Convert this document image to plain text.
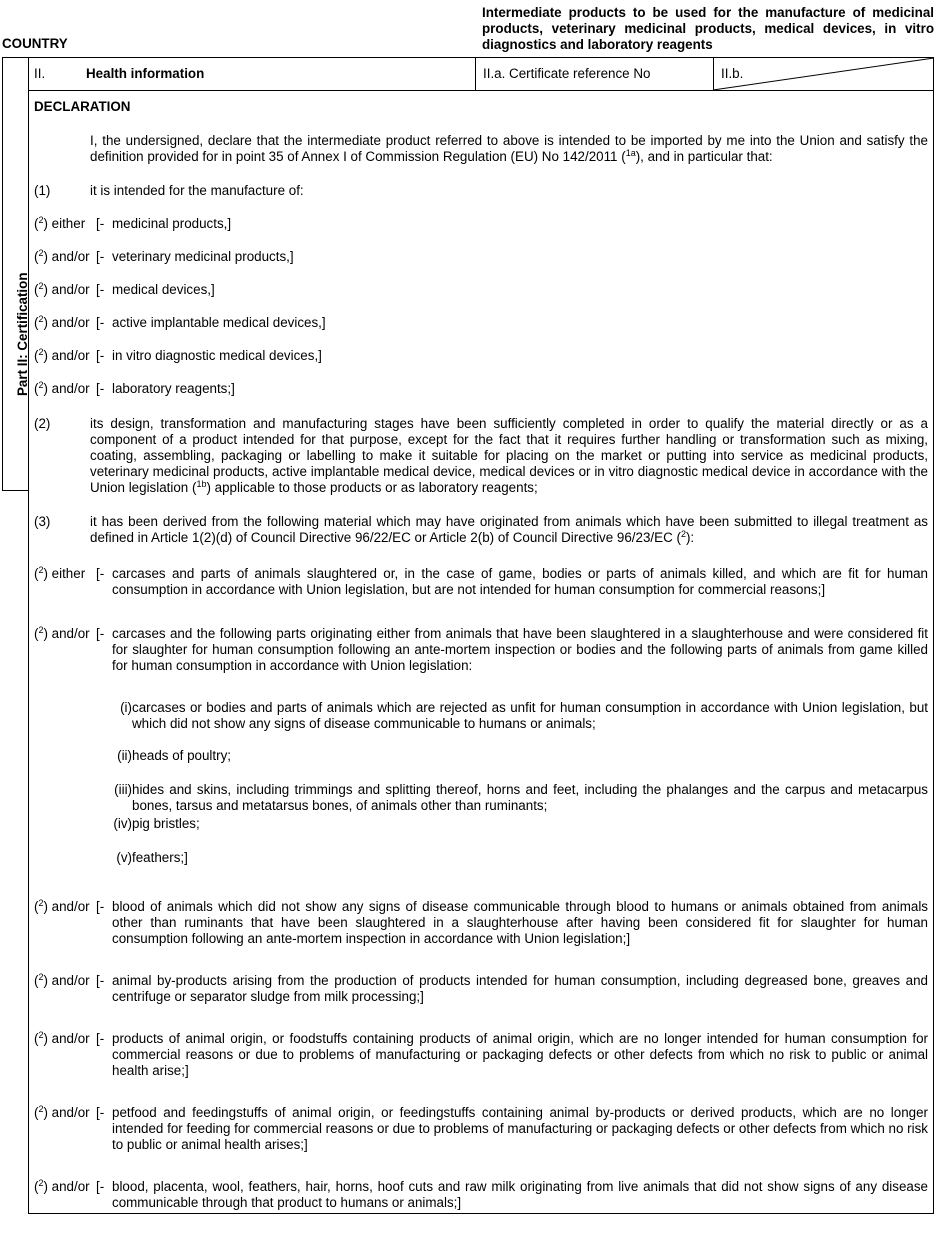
COUNTRY
Intermediate products to be used for the manufacture of medicinal products, veterinary medicinal products, medical devices, in vitro diagnostics and laboratory reagents
Part II: Certification
II.	Health information	II.a. Certificate reference No	II.b.
DECLARATION
I, the undersigned, declare that the intermediate product referred to above is intended to be imported by me into the Union and satisfy the definition provided for in point 35 of Annex I of Commission Regulation (EU) No 142/2011 ($^{1a}$), and in particular that:
(1)	it is intended for the manufacture of:
($^2$) either [- medicinal products,]
($^2$) and/or [- veterinary medicinal products,]
($^2$) and/or [- medical devices,]
($^2$) and/or [- active implantable medical devices,]
($^2$) and/or [- in vitro diagnostic medical devices,]
($^2$) and/or [- laboratory reagents;]
(2)	its design, transformation and manufacturing stages have been sufficiently completed in order to qualify the material directly or as a component of a product intended for that purpose, except for the fact that it requires further handling or transformation such as mixing, coating, assembling, packaging or labelling to make it suitable for placing on the market or putting into service as medicinal products, veterinary medicinal products, active implantable medical device, medical devices or in vitro diagnostic medical device in accordance with the Union legislation ($^{1b}$) applicable to those products or as laboratory reagents;
(3)	it has been derived from the following material which may have originated from animals which have been submitted to illegal treatment as defined in Article 1(2)(d) of Council Directive 96/22/EC or Article 2(b) of Council Directive 96/23/EC ($^2$):
($^2$) either [- carcases and parts of animals slaughtered or, in the case of game, bodies or parts of animals killed, and which are fit for human consumption in accordance with Union legislation, but are not intended for human consumption for commercial reasons;]
($^2$) and/or [- carcases and the following parts originating either from animals that have been slaughtered in a slaughterhouse and were considered fit for slaughter for human consumption following an ante-mortem inspection or bodies and the following parts of animals from game killed for human consumption in accordance with Union legislation:
(i) carcases or bodies and parts of animals which are rejected as unfit for human consumption in accordance with Union legislation, but which did not show any signs of disease communicable to humans or animals;
(ii) heads of poultry;
(iii) hides and skins, including trimmings and splitting thereof, horns and feet, including the phalanges and the carpus and metacarpus bones, tarsus and metatarsus bones, of animals other than ruminants;
(iv) pig bristles;
(v) feathers;]
($^2$) and/or [- blood of animals which did not show any signs of disease communicable through blood to humans or animals obtained from animals other than ruminants that have been slaughtered in a slaughterhouse after having been considered fit for slaughter for human consumption following an ante-mortem inspection in accordance with Union legislation;]
($^2$) and/or [- animal by-products arising from the production of products intended for human consumption, including degreased bone, greaves and centrifuge or separator sludge from milk processing;]
($^2$) and/or [- products of animal origin, or foodstuffs containing products of animal origin, which are no longer intended for human consumption for commercial reasons or due to problems of manufacturing or packaging defects or other defects from which no risk to public or animal health arise;]
($^2$) and/or [- petfood and feedingstuffs of animal origin, or feedingstuffs containing animal by-products or derived products, which are no longer intended for feeding for commercial reasons or due to problems of manufacturing or packaging defects or other defects from which no risk to public or animal health arises;]
($^2$) and/or [- blood, placenta, wool, feathers, hair, horns, hoof cuts and raw milk originating from live animals that did not show signs of any disease communicable through that product to humans or animals;]
